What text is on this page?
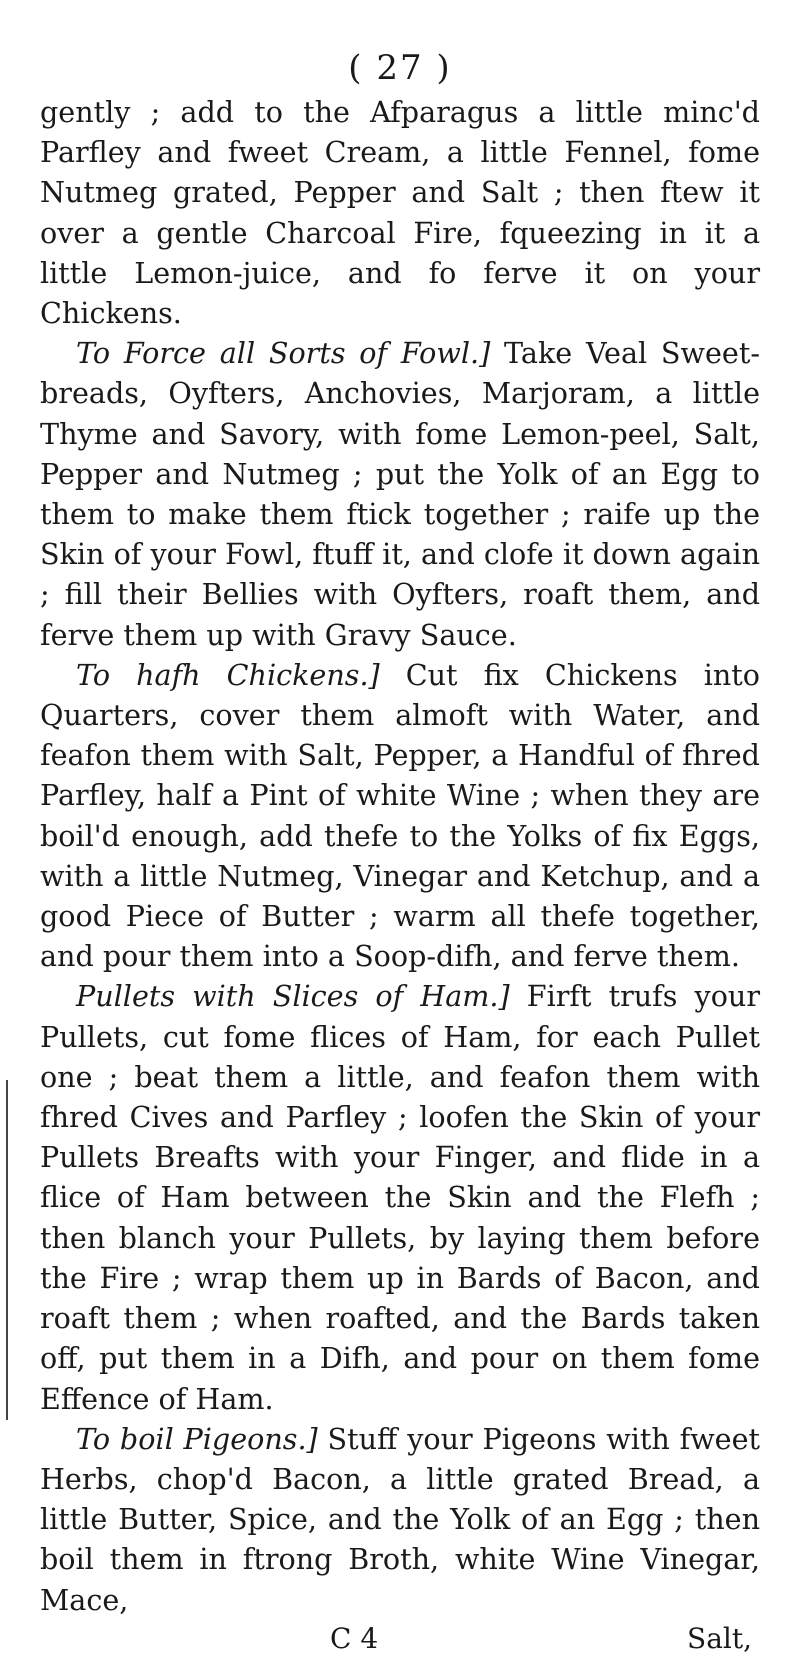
( 27 )

gently ; add to the Afparagus a little minc'd Parfley and fweet Cream, a little Fennel, fome Nutmeg grated, Pepper and Salt ; then ftew it over a gentle Charcoal Fire, fqueezing in it a little Lemon-juice, and fo ferve it on your Chickens.

To Force all Sorts of Fowl.] Take Veal Sweet-breads, Oyfters, Anchovies, Marjoram, a little Thyme and Savory, with fome Lemon-peel, Salt, Pepper and Nutmeg ; put the Yolk of an Egg to them to make them ftick together ; raife up the Skin of your Fowl, ftuff it, and clofe it down again ; fill their Bellies with Oyfters, roaft them, and ferve them up with Gravy Sauce.

To hafh Chickens.] Cut fix Chickens into Quarters, cover them almoft with Water, and feafon them with Salt, Pepper, a Handful of fhred Parfley, half a Pint of white Wine ; when they are boil'd enough, add thefe to the Yolks of fix Eggs, with a little Nutmeg, Vinegar and Ketchup, and a good Piece of Butter ; warm all thefe together, and pour them into a Soop-difh, and ferve them.

Pullets with Slices of Ham.] Firft trufs your Pullets, cut fome flices of Ham, for each Pullet one ; beat them a little, and feafon them with fhred Cives and Parfley ; loofen the Skin of your Pullets Breafts with your Finger, and flide in a flice of Ham between the Skin and the Flefh ; then blanch your Pullets, by laying them before the Fire ; wrap them up in Bards of Bacon, and roaft them ; when roafted, and the Bards taken off, put them in a Difh, and pour on them fome Effence of Ham.

To boil Pigeons.] Stuff your Pigeons with fweet Herbs, chop'd Bacon, a little grated Bread, a little Butter, Spice, and the Yolk of an Egg ; then boil them in ftrong Broth, white Wine Vinegar, Mace,

C 4	Salt,
